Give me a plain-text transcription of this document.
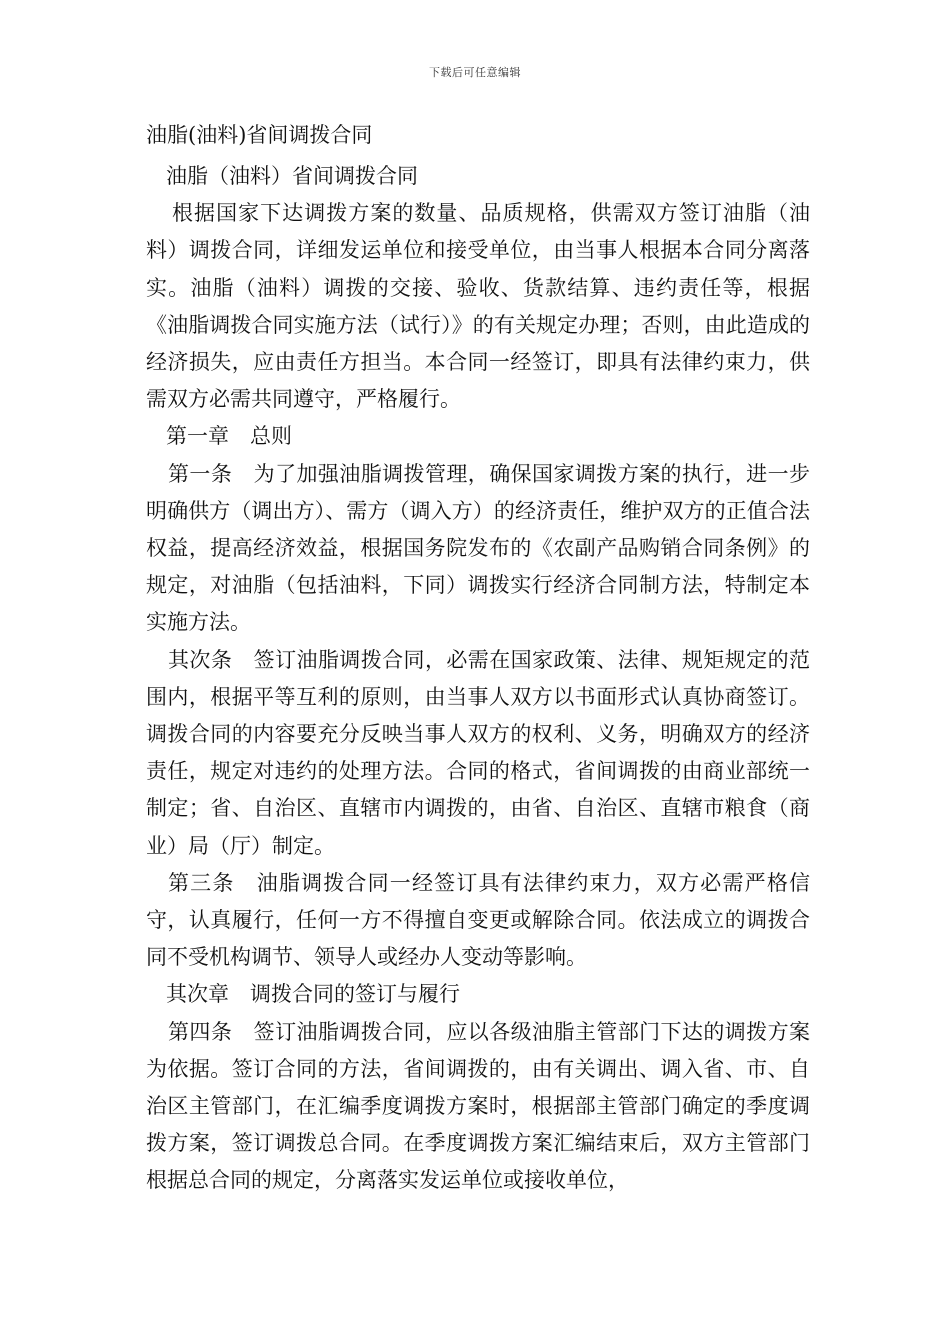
下载后可任意编辑
油脂(油料)省间调拨合同

油脂（油料）省间调拨合同

根据国家下达调拨方案的数量、品质规格，供需双方签订油脂（油料）调拨合同，详细发运单位和接受单位，由当事人根据本合同分离落实。油脂（油料）调拨的交接、验收、货款结算、违约责任等，根据《油脂调拨合同实施方法（试行）》的有关规定办理；否则，由此造成的经济损失，应由责任方担当。本合同一经签订，即具有法律约束力，供需双方必需共同遵守，严格履行。

第一章　总则

第一条　为了加强油脂调拨管理，确保国家调拨方案的执行，进一步明确供方（调出方）、需方（调入方）的经济责任，维护双方的正值合法权益，提高经济效益，根据国务院发布的《农副产品购销合同条例》的规定，对油脂（包括油料，下同）调拨实行经济合同制方法，特制定本实施方法。

其次条　签订油脂调拨合同，必需在国家政策、法律、规矩规定的范围内，根据平等互利的原则，由当事人双方以书面形式认真协商签订。调拨合同的内容要充分反映当事人双方的权利、义务，明确双方的经济责任，规定对违约的处理方法。合同的格式，省间调拨的由商业部统一制定；省、自治区、直辖市内调拨的，由省、自治区、直辖市粮食（商业）局（厅）制定。

第三条　油脂调拨合同一经签订具有法律约束力，双方必需严格信守，认真履行，任何一方不得擅自变更或解除合同。依法成立的调拨合同不受机构调节、领导人或经办人变动等影响。

其次章　调拨合同的签订与履行

第四条　签订油脂调拨合同，应以各级油脂主管部门下达的调拨方案为依据。签订合同的方法，省间调拨的，由有关调出、调入省、市、自治区主管部门，在汇编季度调拨方案时，根据部主管部门确定的季度调拨方案，签订调拨总合同。在季度调拨方案汇编结束后，双方主管部门根据总合同的规定，分离落实发运单位或接收单位，
